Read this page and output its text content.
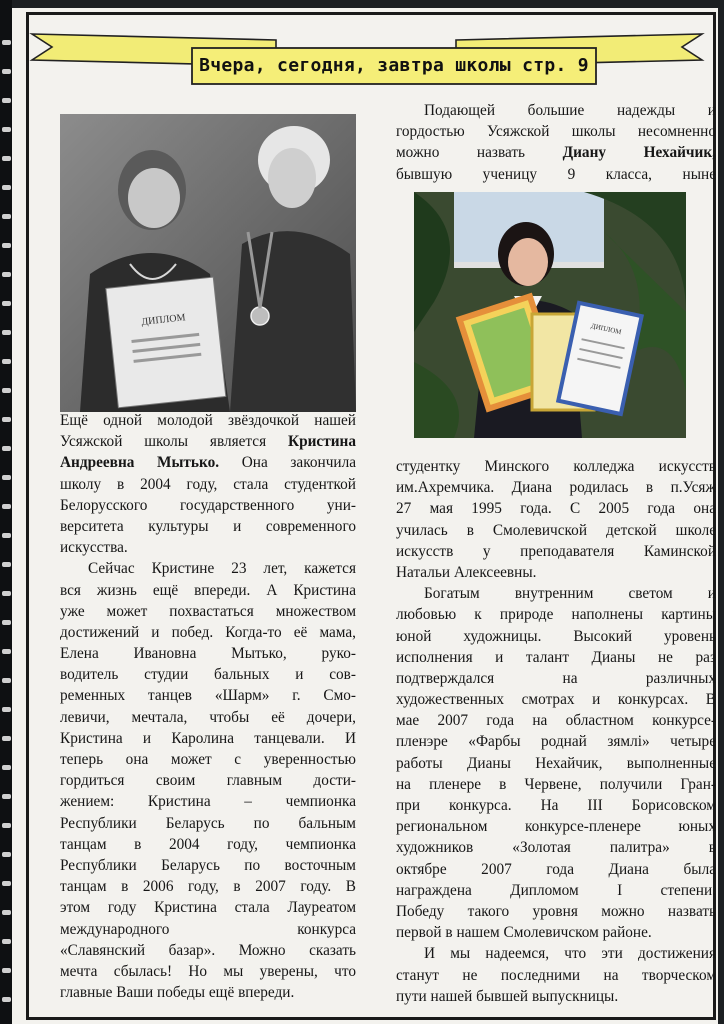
Вчера, сегодня, завтра школы стр. 9
ДИПЛОМ
ДИПЛОМ
Ещё одной молодой звёздочкой нашей
Усяжской школы является Кристина
Андреевна Мытько. Она закончила
школу в 2004 году, стала студенткой
Белорусского государственного уни-
верситета культуры и современного
искусства.
Сейчас Кристине 23 лет, кажется
вся жизнь ещё впереди. А Кристина
уже может похвастаться множеством
достижений и побед. Когда-то её мама,
Елена Ивановна Мытько, руко-
водитель студии бальных и сов-
ременных танцев «Шарм» г. Смо-
левичи, мечтала, чтобы её дочери,
Кристина и Каролина танцевали. И
теперь она может с уверенностью
гордиться своим главным дости-
жением: Кристина – чемпионка
Республики Беларусь по бальным
танцам в 2004 году, чемпионка
Республики Беларусь по восточным
танцам в 2006 году, в 2007 году. В
этом году Кристина стала Лауреатом
международного конкурса
«Славянский базар». Можно сказать
мечта сбылась! Но мы уверены, что
главные Ваши победы ещё впереди.
Подающей большие надежды и
гордостью Усяжской школы несомненно
можно назвать Диану Нехайчик,
бывшую ученицу 9 класса, ныне
студентку Минского колледжа искусств
им.Ахремчика. Диана родилась в п.Усяж
27 мая 1995 года. С 2005 года она
училась в Смолевичской детской школе
искусств у преподавателя Каминской
Натальи Алексеевны.
Богатым внутренним светом и
любовью к природе наполнены картины
юной художницы. Высокий уровень
исполнения и талант Дианы не раз
подтверждался на различных
художественных смотрах и конкурсах. В
мае 2007 года на областном конкурсе-
пленэре «Фарбы роднай зямлі» четыре
работы Дианы Нехайчик, выполненные
на пленере в Червене, получили Гран-
при конкурса. На III Борисовском
региональном конкурсе-пленере юных
художников «Золотая палитра» в
октябре 2007 года Диана была
награждена Дипломом I степени.
Победу такого уровня можно назвать
первой в нашем Смолевичском районе.
И мы надеемся, что эти достижения
станут не последними на творческом
пути нашей бывшей выпускницы.
